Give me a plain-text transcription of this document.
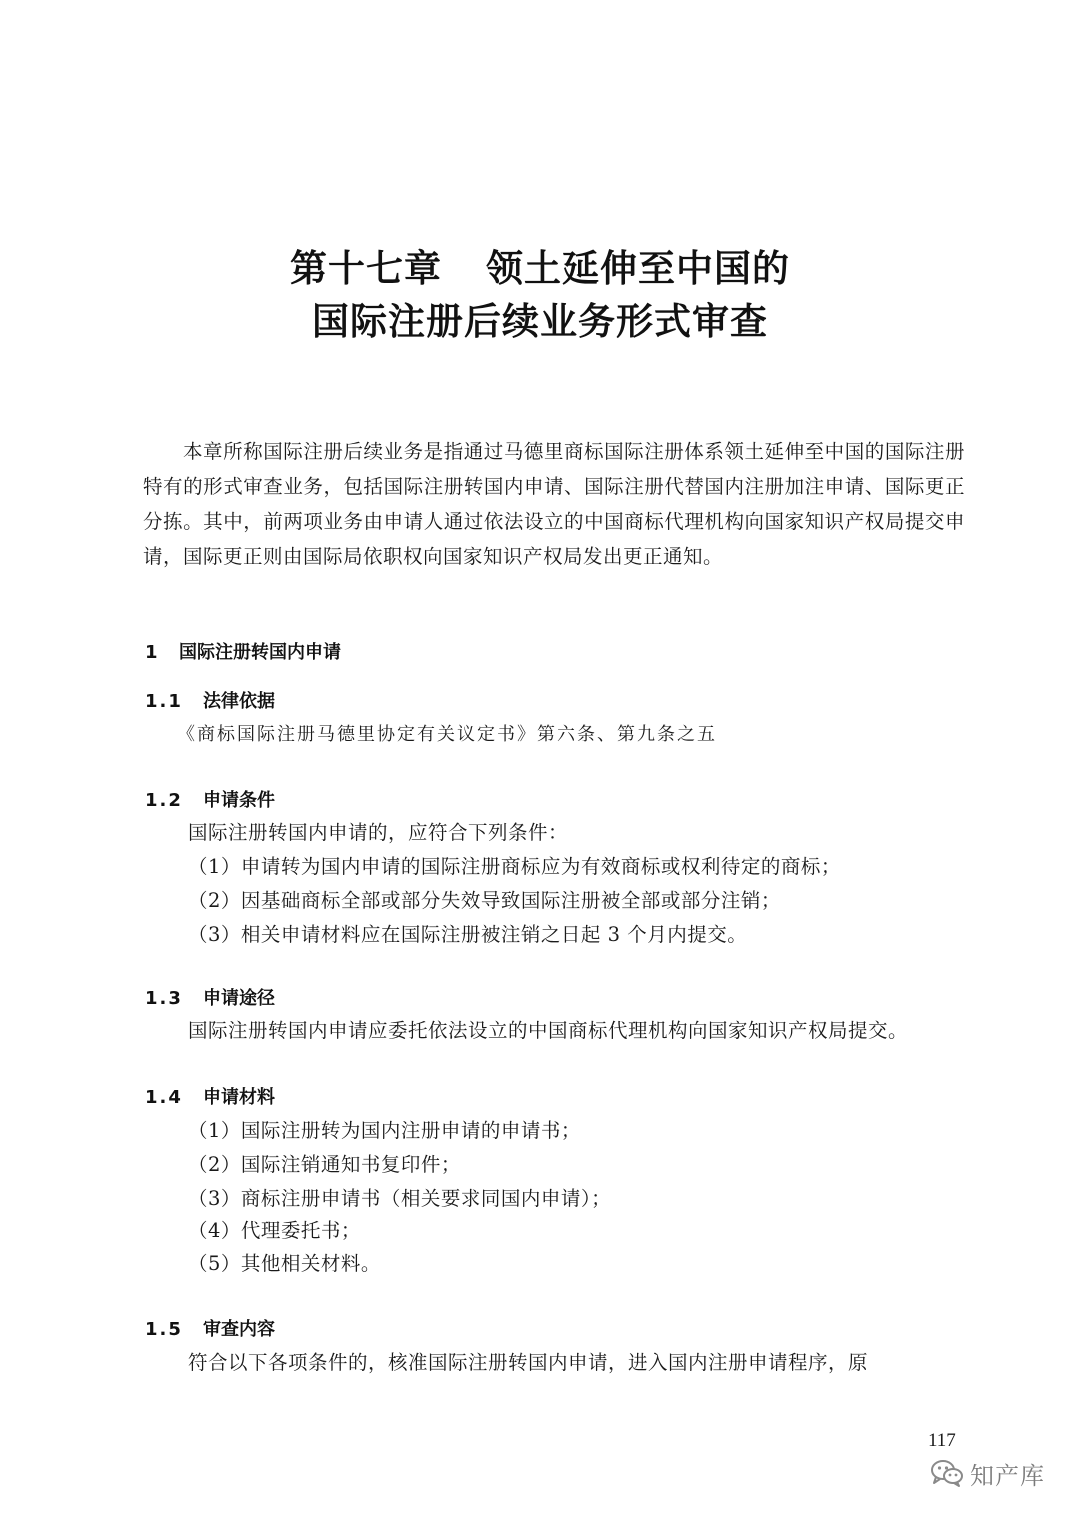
第十七章 领土延伸至中国的
国际注册后续业务形式审查

本章所称国际注册后续业务是指通过马德里商标国际注册体系领土延伸至中国的国际注册特有的形式审查业务，包括国际注册转国内申请、国际注册代替国内注册加注申请、国际更正分拣。其中，前两项业务由申请人通过依法设立的中国商标代理机构向国家知识产权局提交申请，国际更正则由国际局依职权向国家知识产权局发出更正通知。

1 国际注册转国内申请
1.1 法律依据

《商标国际注册马德里协定有关议定书》第六条、第九条之五

1.2 申请条件

国际注册转国内申请的，应符合下列条件：

（1）申请转为国内申请的国际注册商标应为有效商标或权利待定的商标；

（2）因基础商标全部或部分失效导致国际注册被全部或部分注销；

（3）相关申请材料应在国际注册被注销之日起 3 个月内提交。

1.3 申请途径

国际注册转国内申请应委托依法设立的中国商标代理机构向国家知识产权局提交。

1.4 申请材料

（1）国际注册转为国内注册申请的申请书；

（2）国际注销通知书复印件；

（3）商标注册申请书（相关要求同国内申请）；

（4）代理委托书；

（5）其他相关材料。

1.5 审查内容

符合以下各项条件的，核准国际注册转国内申请，进入国内注册申请程序，原

117

知产库
